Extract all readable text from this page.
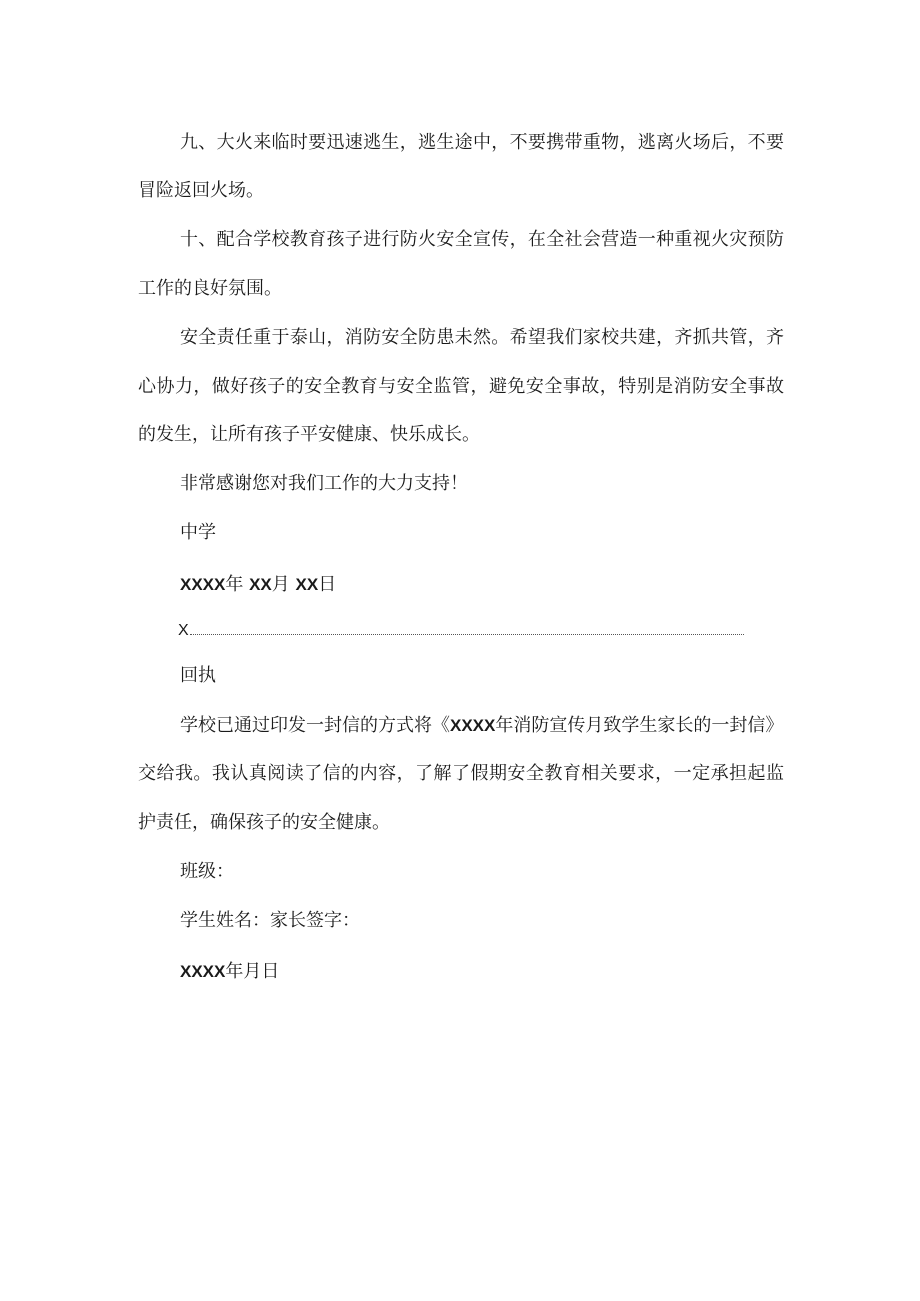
九、大火来临时要迅速逃生，逃生途中，不要携带重物，逃离火场后，不要
冒险返回火场。
十、配合学校教育孩子进行防火安全宣传，在全社会营造一种重视火灾预防
工作的良好氛围。
安全责任重于泰山，消防安全防患未然。希望我们家校共建，齐抓共管，齐
心协力，做好孩子的安全教育与安全监管，避免安全事故，特别是消防安全事故
的发生，让所有孩子平安健康、快乐成长。
非常感谢您对我们工作的大力支持！
中学
XXXX年 XX月 XX日
X
回执
学校已通过印发一封信的方式将《XXXX年消防宣传月致学生家长的一封信》
交给我。我认真阅读了信的内容，了解了假期安全教育相关要求，一定承担起监
护责任，确保孩子的安全健康。
班级：
学生姓名：家长签字：
XXXX年月日
